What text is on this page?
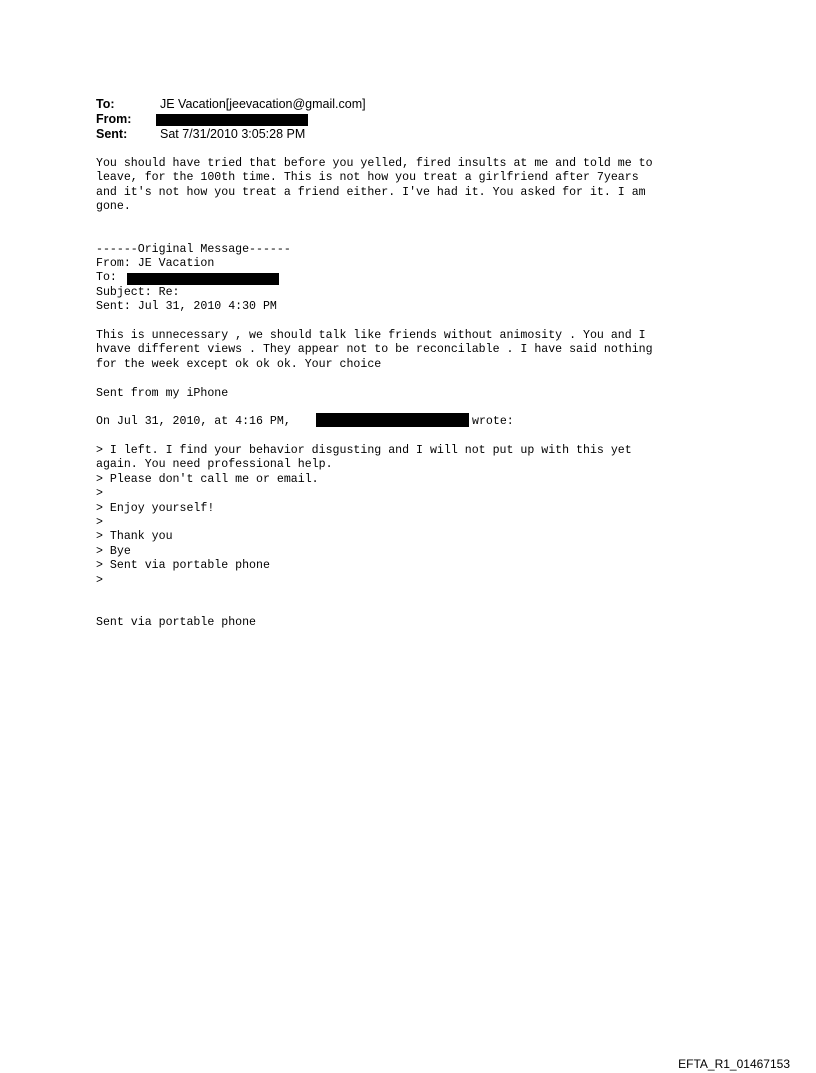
To:	JE Vacation[jeevacation@gmail.com]
From:
Sent:	Sat 7/31/2010 3:05:28 PM
You should have tried that before you yelled, fired insults at me and told me to
leave, for the 100th time. This is not how you treat a girlfriend after 7years
and it's not how you treat a friend either. I've had it. You asked for it. I am
gone.
------Original Message------
From: JE Vacation
To:
Subject: Re:
Sent: Jul 31, 2010 4:30 PM
This is unnecessary , we should talk like friends without animosity . You and I
hvave different views . They appear not to be reconcilable . I have said nothing
for the week except ok ok ok. Your choice
Sent from my iPhone
On Jul 31, 2010, at 4:16 PM,	wrote:
> I left. I find your behavior disgusting and I will not put up with this yet
again. You need professional help.
> Please don't call me or email.
>
> Enjoy yourself!
>
> Thank you
> Bye
> Sent via portable phone
>
Sent via portable phone
EFTA_R1_01467153
